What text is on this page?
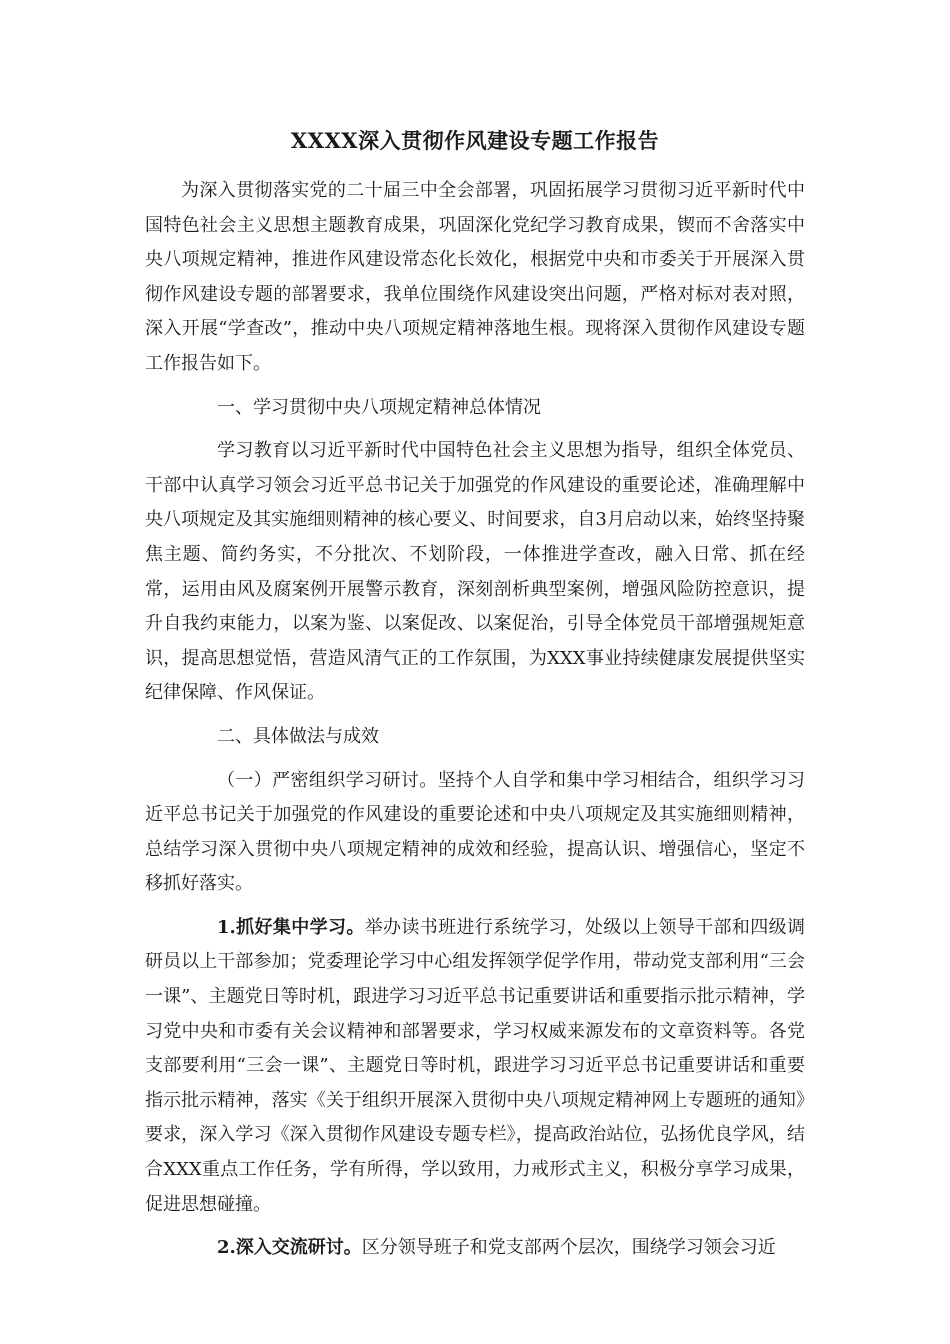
XXXX深入贯彻作风建设专题工作报告

为深入贯彻落实党的二十届三中全会部署，巩固拓展学习贯彻习近平新时代中国特色社会主义思想主题教育成果，巩固深化党纪学习教育成果，锲而不舍落实中央八项规定精神，推进作风建设常态化长效化，根据党中央和市委关于开展深入贯彻作风建设专题的部署要求，我单位围绕作风建设突出问题，严格对标对表对照，深入开展“学查改”，推动中央八项规定精神落地生根。现将深入贯彻作风建设专题工作报告如下。

一、学习贯彻中央八项规定精神总体情况

学习教育以习近平新时代中国特色社会主义思想为指导，组织全体党员、干部中认真学习领会习近平总书记关于加强党的作风建设的重要论述，准确理解中央八项规定及其实施细则精神的核心要义、时间要求，自3月启动以来，始终坚持聚焦主题、简约务实，不分批次、不划阶段，一体推进学查改，融入日常、抓在经常，运用由风及腐案例开展警示教育，深刻剖析典型案例，增强风险防控意识，提升自我约束能力，以案为鉴、以案促改、以案促治，引导全体党员干部增强规矩意识，提高思想觉悟，营造风清气正的工作氛围，为XXX事业持续健康发展提供坚实纪律保障、作风保证。

二、具体做法与成效

（一）严密组织学习研讨。坚持个人自学和集中学习相结合，组织学习习近平总书记关于加强党的作风建设的重要论述和中央八项规定及其实施细则精神，总结学习深入贯彻中央八项规定精神的成效和经验，提高认识、增强信心，坚定不移抓好落实。

1.抓好集中学习。举办读书班进行系统学习，处级以上领导干部和四级调研员以上干部参加；党委理论学习中心组发挥领学促学作用，带动党支部利用“三会一课”、主题党日等时机，跟进学习习近平总书记重要讲话和重要指示批示精神，学习党中央和市委有关会议精神和部署要求，学习权威来源发布的文章资料等。各党支部要利用“三会一课”、主题党日等时机，跟进学习习近平总书记重要讲话和重要指示批示精神，落实《关于组织开展深入贯彻中央八项规定精神网上专题班的通知》要求，深入学习《深入贯彻作风建设专题专栏》，提高政治站位，弘扬优良学风，结合XXX重点工作任务，学有所得，学以致用，力戒形式主义，积极分享学习成果，促进思想碰撞。

2.深入交流研讨。区分领导班子和党支部两个层次，围绕学习领会习近
